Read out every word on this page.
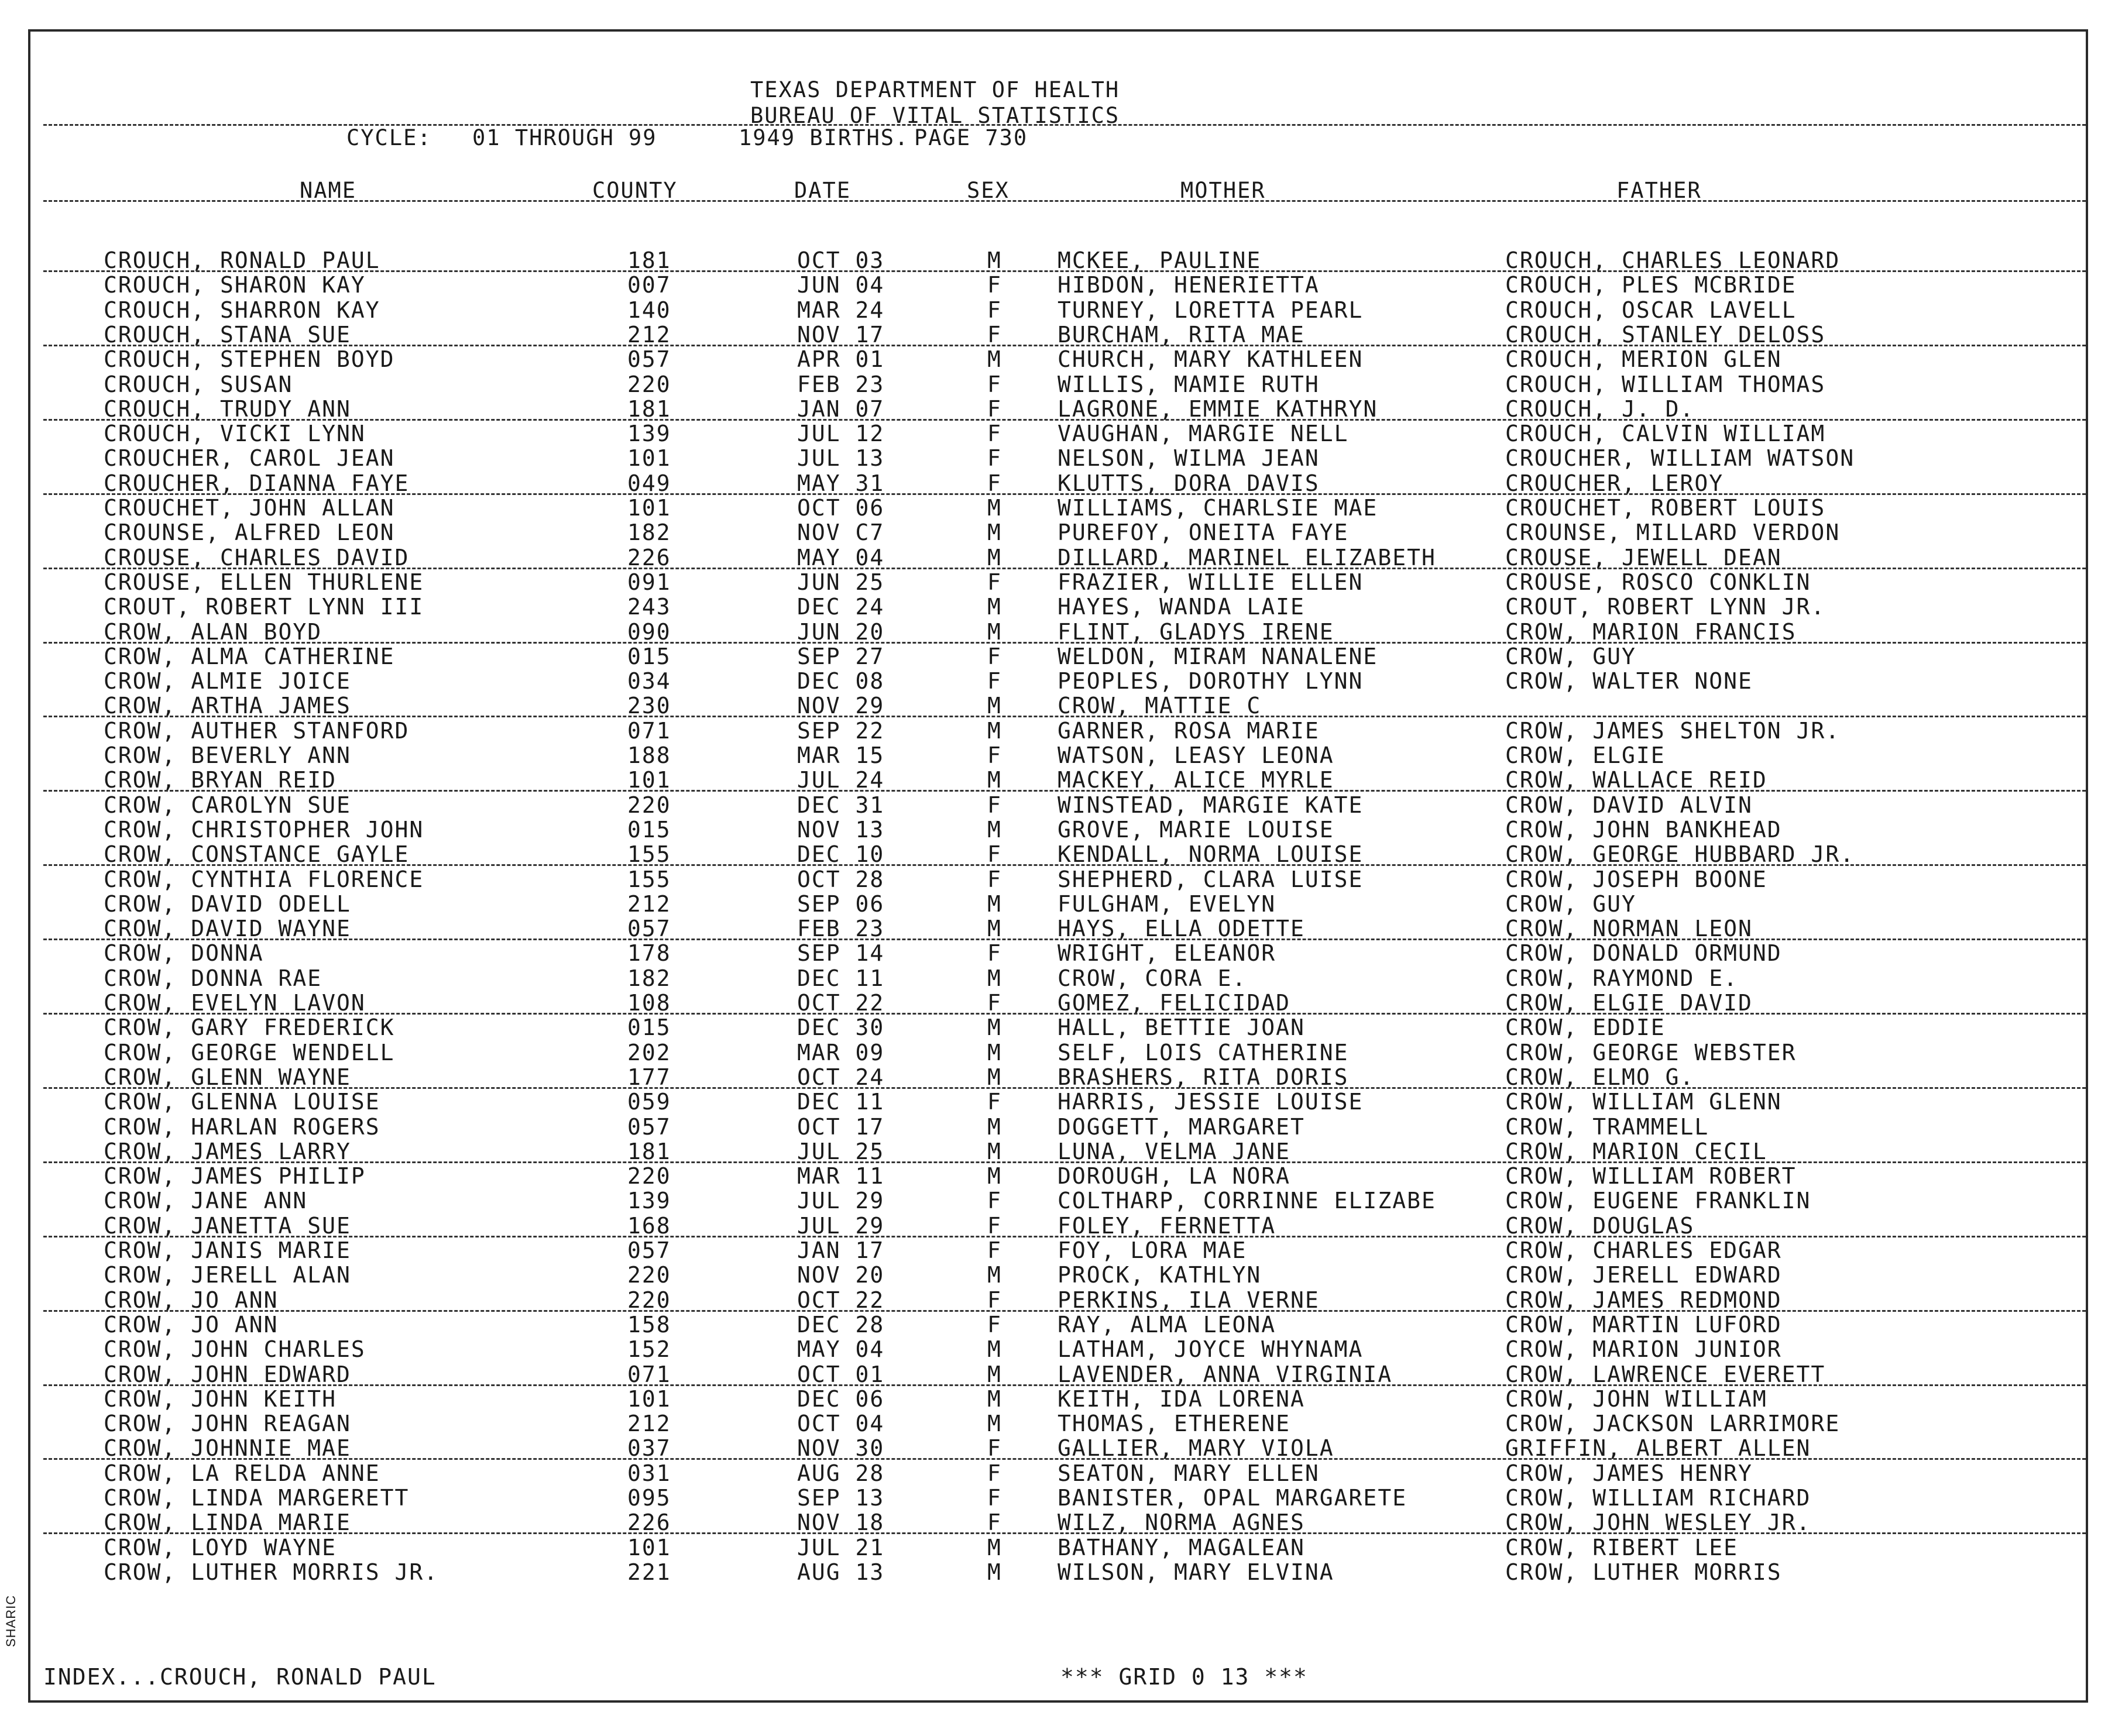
TEXAS DEPARTMENT OF HEALTH
BUREAU OF VITAL STATISTICS
CYCLE: 01 THROUGH 99	1949 BIRTHS. PAGE 730
NAME	COUNTY	DATE	SEX	MOTHER	FATHER
CROUCH, RONALD PAUL	181	OCT 03	M	MCKEE, PAULINE	CROUCH, CHARLES LEONARD
CROUCH, SHARON KAY	007	JUN 04	F	HIBDON, HENERIETTA	CROUCH, PLES MCBRIDE
CROUCH, SHARRON KAY	140	MAR 24	F	TURNEY, LORETTA PEARL	CROUCH, OSCAR LAVELL
CROUCH, STANA SUE	212	NOV 17	F	BURCHAM, RITA MAE	CROUCH, STANLEY DELOSS
CROUCH, STEPHEN BOYD	057	APR 01	M	CHURCH, MARY KATHLEEN	CROUCH, MERION GLEN
CROUCH, SUSAN	220	FEB 23	F	WILLIS, MAMIE RUTH	CROUCH, WILLIAM THOMAS
CROUCH, TRUDY ANN	181	JAN 07	F	LAGRONE, EMMIE KATHRYN	CROUCH, J. D.
CROUCH, VICKI LYNN	139	JUL 12	F	VAUGHAN, MARGIE NELL	CROUCH, CALVIN WILLIAM
CROUCHER, CAROL JEAN	101	JUL 13	F	NELSON, WILMA JEAN	CROUCHER, WILLIAM WATSON
CROUCHER, DIANNA FAYE	049	MAY 31	F	KLUTTS, DORA DAVIS	CROUCHER, LEROY
CROUCHET, JOHN ALLAN	101	OCT 06	M	WILLIAMS, CHARLSIE MAE	CROUCHET, ROBERT LOUIS
CROUNSE, ALFRED LEON	182	NOV C7	M	PUREFOY, ONEITA FAYE	CROUNSE, MILLARD VERDON
CROUSE, CHARLES DAVID	226	MAY 04	M	DILLARD, MARINEL ELIZABETH	CROUSE, JEWELL DEAN
CROUSE, ELLEN THURLENE	091	JUN 25	F	FRAZIER, WILLIE ELLEN	CROUSE, ROSCO CONKLIN
CROUT, ROBERT LYNN III	243	DEC 24	M	HAYES, WANDA LAIE	CROUT, ROBERT LYNN JR.
CROW, ALAN BOYD	090	JUN 20	M	FLINT, GLADYS IRENE	CROW, MARION FRANCIS
CROW, ALMA CATHERINE	015	SEP 27	F	WELDON, MIRAM NANALENE	CROW, GUY
CROW, ALMIE JOICE	034	DEC 08	F	PEOPLES, DOROTHY LYNN	CROW, WALTER NONE
CROW, ARTHA JAMES	230	NOV 29	M	CROW, MATTIE C
CROW, AUTHER STANFORD	071	SEP 22	M	GARNER, ROSA MARIE	CROW, JAMES SHELTON JR.
CROW, BEVERLY ANN	188	MAR 15	F	WATSON, LEASY LEONA	CROW, ELGIE
CROW, BRYAN REID	101	JUL 24	M	MACKEY, ALICE MYRLE	CROW, WALLACE REID
CROW, CAROLYN SUE	220	DEC 31	F	WINSTEAD, MARGIE KATE	CROW, DAVID ALVIN
CROW, CHRISTOPHER JOHN	015	NOV 13	M	GROVE, MARIE LOUISE	CROW, JOHN BANKHEAD
CROW, CONSTANCE GAYLE	155	DEC 10	F	KENDALL, NORMA LOUISE	CROW, GEORGE HUBBARD JR.
CROW, CYNTHIA FLORENCE	155	OCT 28	F	SHEPHERD, CLARA LUISE	CROW, JOSEPH BOONE
CROW, DAVID ODELL	212	SEP 06	M	FULGHAM, EVELYN	CROW, GUY
CROW, DAVID WAYNE	057	FEB 23	M	HAYS, ELLA ODETTE	CROW, NORMAN LEON
CROW, DONNA	178	SEP 14	F	WRIGHT, ELEANOR	CROW, DONALD ORMUND
CROW, DONNA RAE	182	DEC 11	M	CROW, CORA E.	CROW, RAYMOND E.
CROW, EVELYN LAVON	108	OCT 22	F	GOMEZ, FELICIDAD	CROW, ELGIE DAVID
CROW, GARY FREDERICK	015	DEC 30	M	HALL, BETTIE JOAN	CROW, EDDIE
CROW, GEORGE WENDELL	202	MAR 09	M	SELF, LOIS CATHERINE	CROW, GEORGE WEBSTER
CROW, GLENN WAYNE	177	OCT 24	M	BRASHERS, RITA DORIS	CROW, ELMO G.
CROW, GLENNA LOUISE	059	DEC 11	F	HARRIS, JESSIE LOUISE	CROW, WILLIAM GLENN
CROW, HARLAN ROGERS	057	OCT 17	M	DOGGETT, MARGARET	CROW, TRAMMELL
CROW, JAMES LARRY	181	JUL 25	M	LUNA, VELMA JANE	CROW, MARION CECIL
CROW, JAMES PHILIP	220	MAR 11	M	DOROUGH, LA NORA	CROW, WILLIAM ROBERT
CROW, JANE ANN	139	JUL 29	F	COLTHARP, CORRINNE ELIZABE	CROW, EUGENE FRANKLIN
CROW, JANETTA SUE	168	JUL 29	F	FOLEY, FERNETTA	CROW, DOUGLAS
CROW, JANIS MARIE	057	JAN 17	F	FOY, LORA MAE	CROW, CHARLES EDGAR
CROW, JERELL ALAN	220	NOV 20	M	PROCK, KATHLYN	CROW, JERELL EDWARD
CROW, JO ANN	220	OCT 22	F	PERKINS, ILA VERNE	CROW, JAMES REDMOND
CROW, JO ANN	158	DEC 28	F	RAY, ALMA LEONA	CROW, MARTIN LUFORD
CROW, JOHN CHARLES	152	MAY 04	M	LATHAM, JOYCE WHYNAMA	CROW, MARION JUNIOR
CROW, JOHN EDWARD	071	OCT 01	M	LAVENDER, ANNA VIRGINIA	CROW, LAWRENCE EVERETT
CROW, JOHN KEITH	101	DEC 06	M	KEITH, IDA LORENA	CROW, JOHN WILLIAM
CROW, JOHN REAGAN	212	OCT 04	M	THOMAS, ETHERENE	CROW, JACKSON LARRIMORE
CROW, JOHNNIE MAE	037	NOV 30	F	GALLIER, MARY VIOLA	GRIFFIN, ALBERT ALLEN
CROW, LA RELDA ANNE	031	AUG 28	F	SEATON, MARY ELLEN	CROW, JAMES HENRY
CROW, LINDA MARGERETT	095	SEP 13	F	BANISTER, OPAL MARGARETE	CROW, WILLIAM RICHARD
CROW, LINDA MARIE	226	NOV 18	F	WILZ, NORMA AGNES	CROW, JOHN WESLEY JR.
CROW, LOYD WAYNE	101	JUL 21	M	BATHANY, MAGALEAN	CROW, RIBERT LEE
CROW, LUTHER MORRIS JR.	221	AUG 13	M	WILSON, MARY ELVINA	CROW, LUTHER MORRIS
INDEX...CROUCH, RONALD PAUL	*** GRID 0 13 ***
SHARIC
